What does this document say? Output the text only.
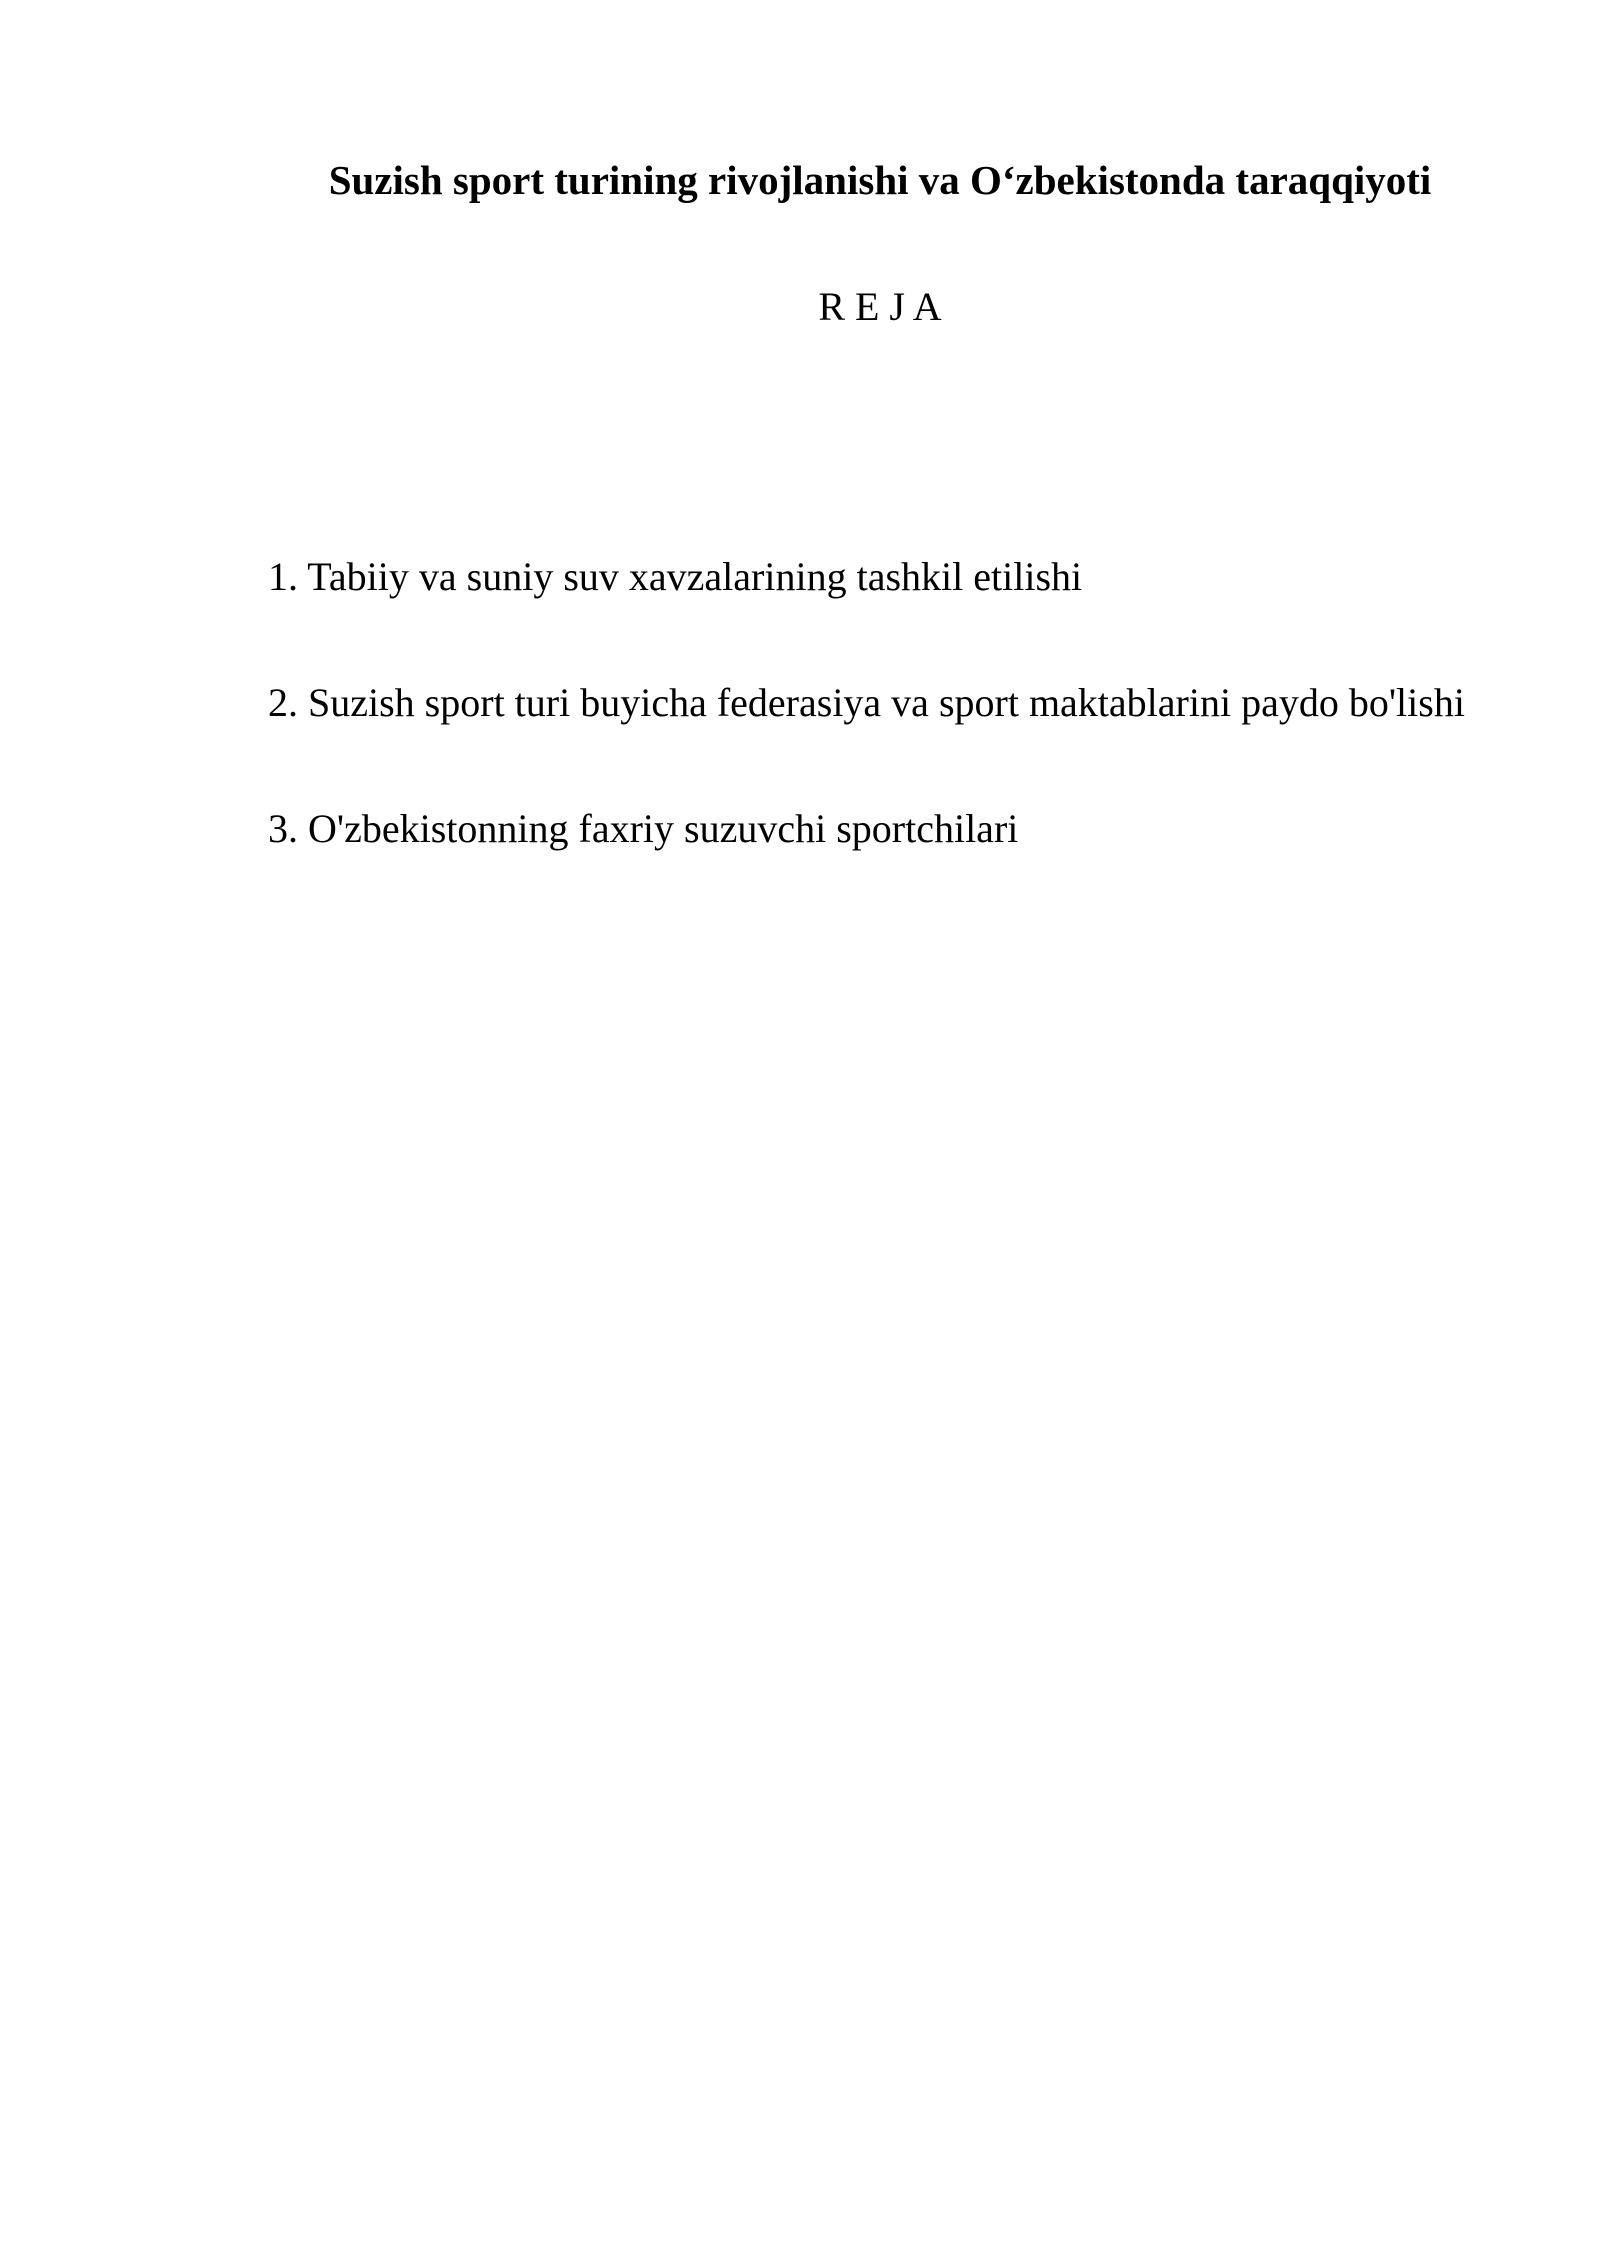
Suzish sport turining rivojlanishi va O‘zbekistonda taraqqiyoti
R E J A
1. Tabiiy va suniy suv xavzalarining tashkil etilishi
2. Suzish sport turi buyicha federasiya va sport maktablarini paydo bo'lishi
3. O'zbekistonning faxriy suzuvchi sportchilari
